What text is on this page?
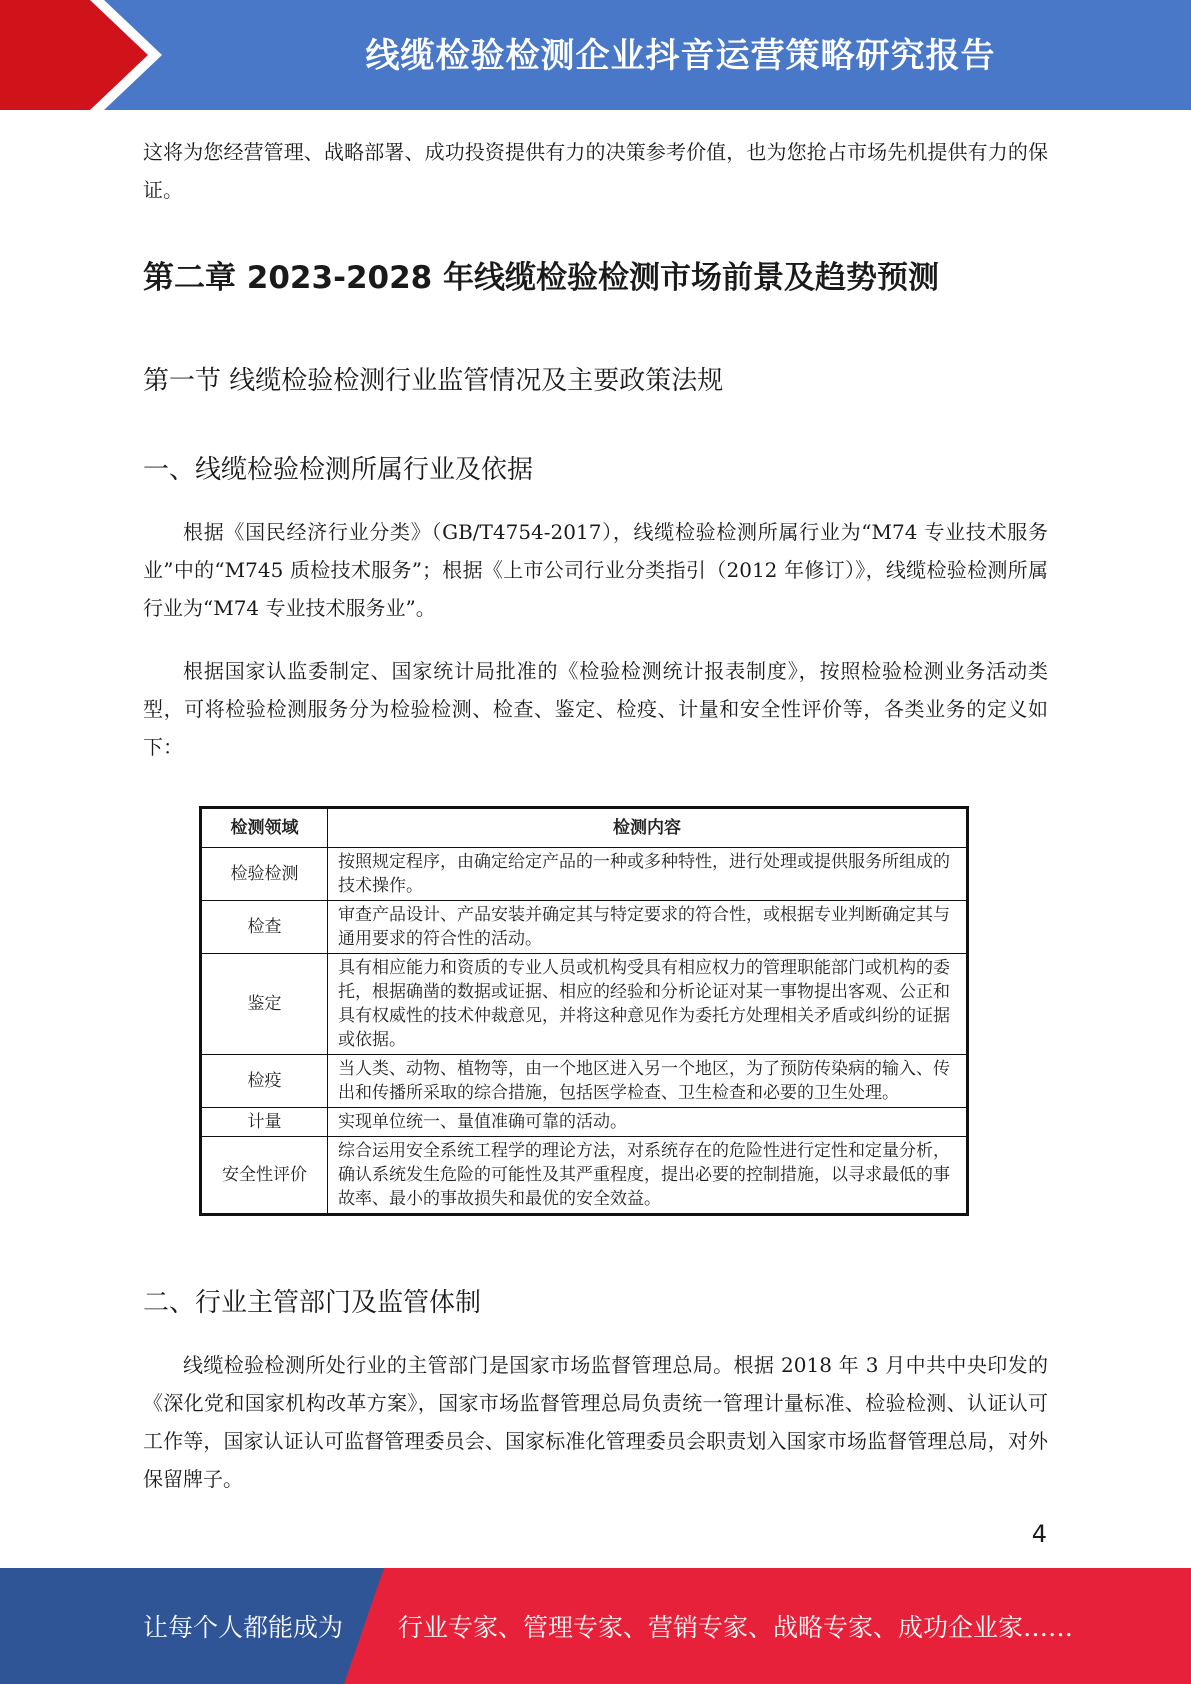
线缆检验检测企业抖音运营策略研究报告

这将为您经营管理、战略部署、成功投资提供有力的决策参考价值，也为您抢占市场先机提供有力的保证。

第二章 2023-2028 年线缆检验检测市场前景及趋势预测
第一节 线缆检验检测行业监管情况及主要政策法规
一、线缆检验检测所属行业及依据

根据《国民经济行业分类》（GB/T4754-2017），线缆检验检测所属行业为“M74 专业技术服务业”中的“M745 质检技术服务”；根据《上市公司行业分类指引（2012 年修订）》，线缆检验检测所属行业为“M74 专业技术服务业”。

根据国家认监委制定、国家统计局批准的《检验检测统计报表制度》，按照检验检测业务活动类型，可将检验检测服务分为检验检测、检查、鉴定、检疫、计量和安全性评价等，各类业务的定义如下：

检测领域	检测内容
检验检测	按照规定程序，由确定给定产品的一种或多种特性，进行处理或提供服务所组成的技术操作。
检查	审查产品设计、产品安装并确定其与特定要求的符合性，或根据专业判断确定其与通用要求的符合性的活动。
鉴定	具有相应能力和资质的专业人员或机构受具有相应权力的管理职能部门或机构的委托，根据确凿的数据或证据、相应的经验和分析论证对某一事物提出客观、公正和具有权威性的技术仲裁意见，并将这种意见作为委托方处理相关矛盾或纠纷的证据或依据。
检疫	当人类、动物、植物等，由一个地区进入另一个地区，为了预防传染病的输入、传出和传播所采取的综合措施，包括医学检查、卫生检查和必要的卫生处理。
计量	实现单位统一、量值准确可靠的活动。
安全性评价	综合运用安全系统工程学的理论方法，对系统存在的危险性进行定性和定量分析，确认系统发生危险的可能性及其严重程度，提出必要的控制措施，以寻求最低的事故率、最小的事故损失和最优的安全效益。
二、行业主管部门及监管体制

线缆检验检测所处行业的主管部门是国家市场监督管理总局。根据 2018 年 3 月中共中央印发的《深化党和国家机构改革方案》，国家市场监督管理总局负责统一管理计量标准、检验检测、认证认可工作等，国家认证认可监督管理委员会、国家标准化管理委员会职责划入国家市场监督管理总局，对外保留牌子。

4
让每个人都能成为 行业专家、管理专家、营销专家、战略专家、成功企业家……
